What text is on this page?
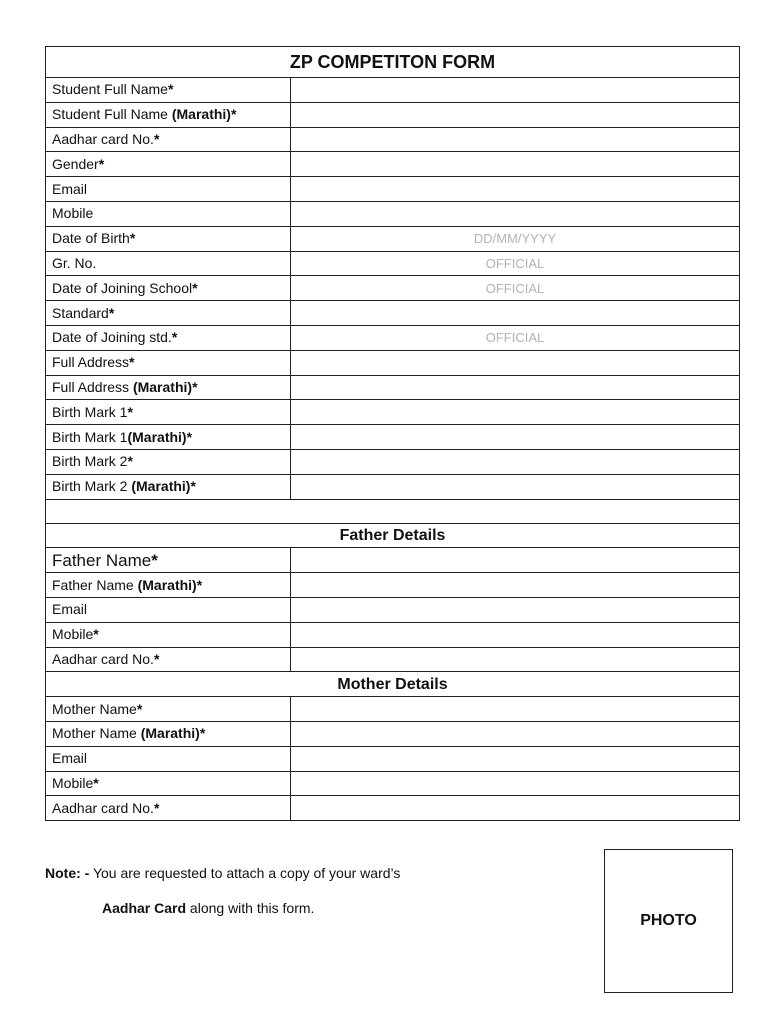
ZP COMPETITON FORM	
Student Full Name*	
Student Full Name (Marathi)*	
Aadhar card No.*	
Gender*	
Email	
Mobile	
Date of Birth*	DD/MM/YYYY
Gr. No.	OFFICIAL
Date of Joining School*	OFFICIAL
Standard*	
Date of Joining std.*	OFFICIAL
Full Address*	
Full Address (Marathi)*	
Birth Mark 1*	
Birth Mark 1(Marathi)*	
Birth Mark 2*	
Birth Mark 2 (Marathi)*	

Father Details	
Father Name*	
Father Name (Marathi)*	
Email	
Mobile*	
Aadhar card No.*	
Mother Details	
Mother Name*	
Mother Name (Marathi)*	
Email	
Mobile*	
Aadhar card No.*	
Note: - You are requested to attach a copy of your ward’s
Aadhar Card along with this form.
PHOTO
